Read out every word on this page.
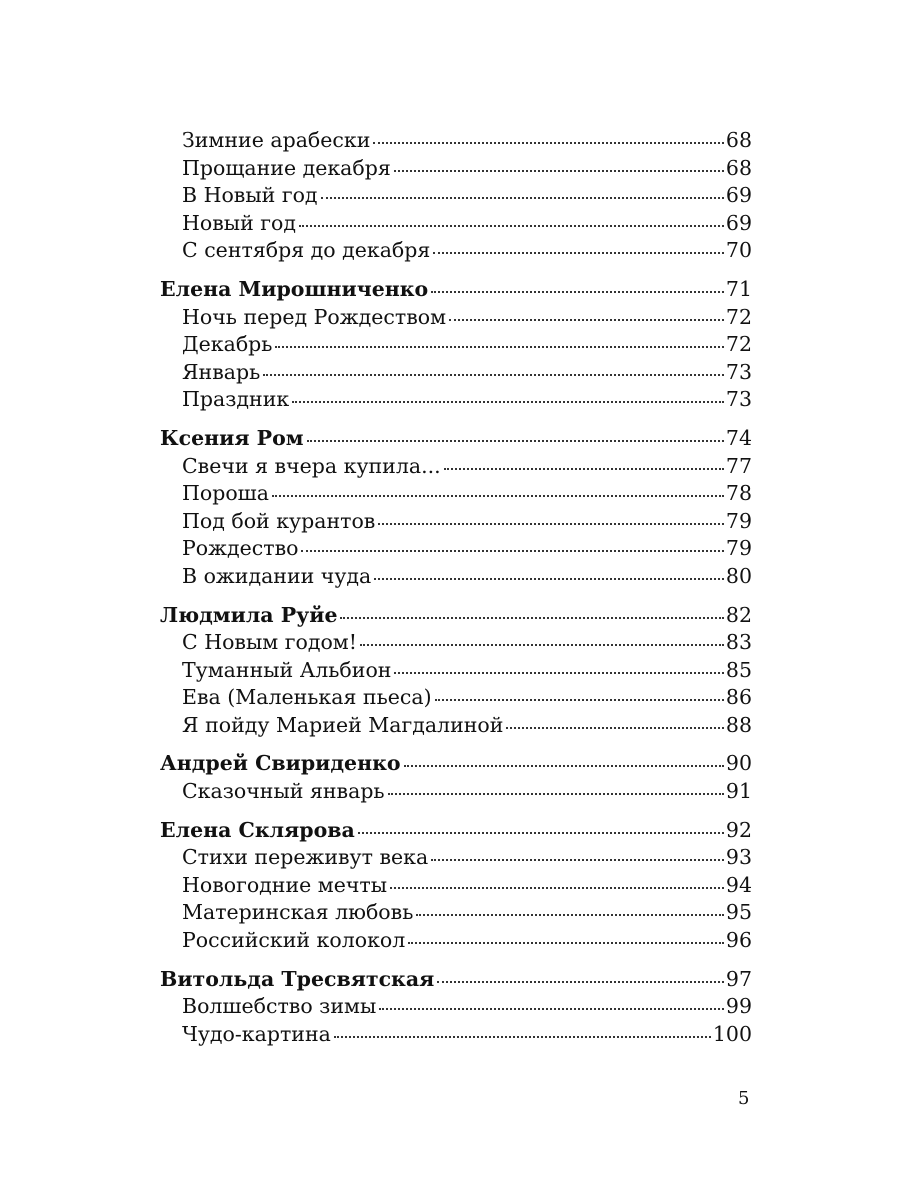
Зимние арабески	68
Прощание декабря	68
В Новый год	69
Новый год	69
С сентября до декабря	70
Елена Мирошниченко	71
Ночь перед Рождеством	72
Декабрь	72
Январь	73
Праздник	73
Ксения Ром	74
Свечи я вчера купила...	77
Пороша	78
Под бой курантов	79
Рождество	79
В ожидании чуда	80
Людмила Руйе	82
С Новым годом!	83
Туманный Альбион	85
Ева (Маленькая пьеса)	86
Я пойду Марией Магдалиной	88
Андрей Свириденко	90
Сказочный январь	91
Елена Склярова	92
Стихи переживут века	93
Новогодние мечты	94
Материнская любовь	95
Российский колокол	96
Витольда Тресвятская	97
Волшебство зимы	99
Чудо-картина	100
5
